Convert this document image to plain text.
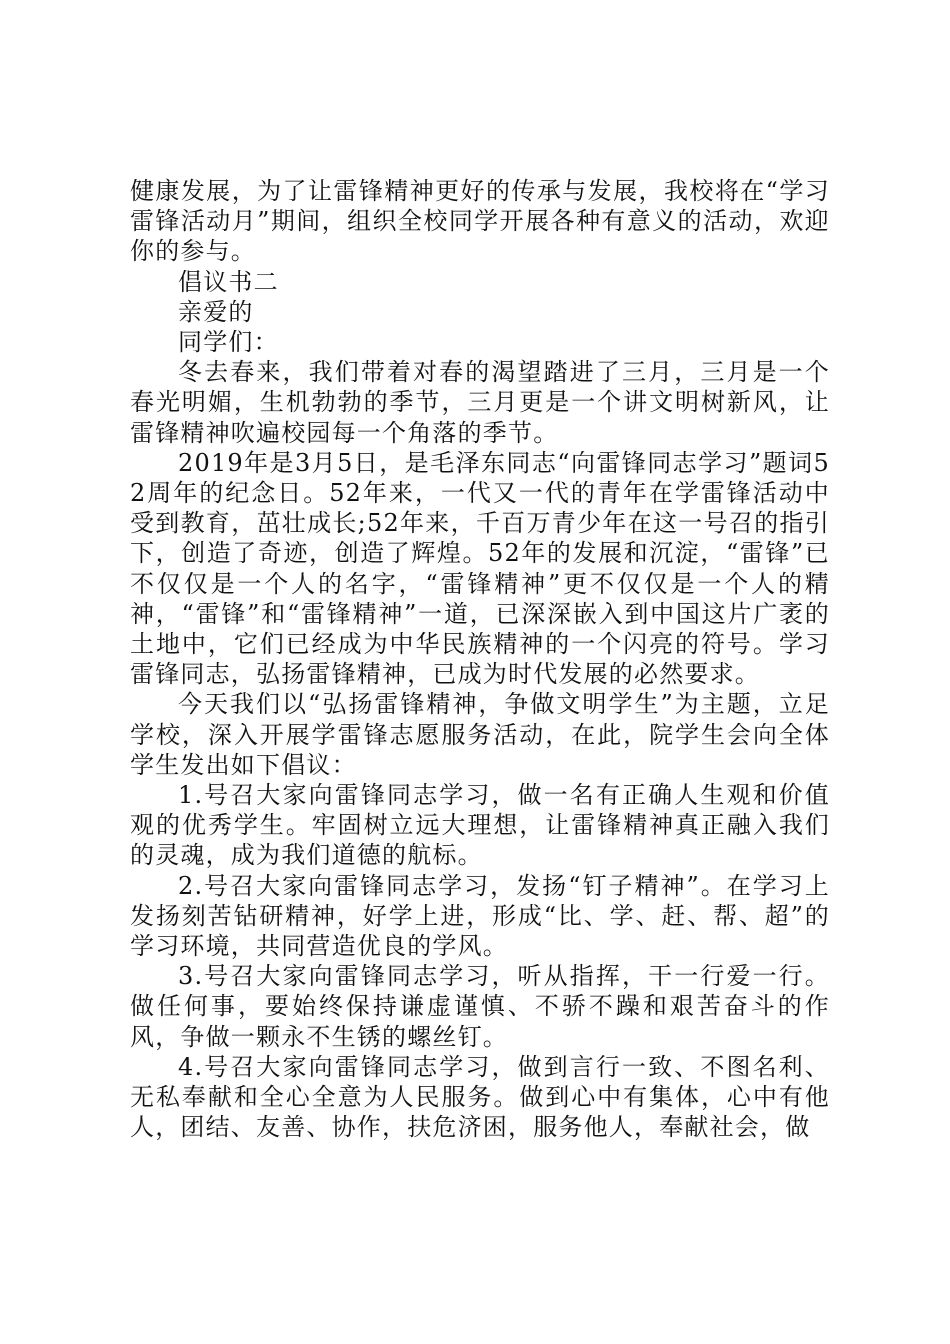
健康发展，为了让雷锋精神更好的传承与发展，我校将在“学习雷锋活动月”期间，组织全校同学开展各种有意义的活动，欢迎你的参与。

倡议书二

亲爱的

同学们：

冬去春来，我们带着对春的渴望踏进了三月，三月是一个春光明媚，生机勃勃的季节，三月更是一个讲文明树新风，让雷锋精神吹遍校园每一个角落的季节。

2019年是3月5日，是毛泽东同志“向雷锋同志学习”题词52周年的纪念日。52年来，一代又一代的青年在学雷锋活动中受到教育，茁壮成长;52年来，千百万青少年在这一号召的指引下，创造了奇迹，创造了辉煌。52年的发展和沉淀，“雷锋”已不仅仅是一个人的名字，“雷锋精神”更不仅仅是一个人的精神，“雷锋”和“雷锋精神”一道，已深深嵌入到中国这片广袤的土地中，它们已经成为中华民族精神的一个闪亮的符号。学习雷锋同志，弘扬雷锋精神，已成为时代发展的必然要求。

今天我们以“弘扬雷锋精神，争做文明学生”为主题，立足学校，深入开展学雷锋志愿服务活动，在此，院学生会向全体学生发出如下倡议：

1.号召大家向雷锋同志学习，做一名有正确人生观和价值观的优秀学生。牢固树立远大理想，让雷锋精神真正融入我们的灵魂，成为我们道德的航标。

2.号召大家向雷锋同志学习，发扬“钉子精神”。在学习上发扬刻苦钻研精神，好学上进，形成“比、学、赶、帮、超”的学习环境，共同营造优良的学风。

3.号召大家向雷锋同志学习，听从指挥，干一行爱一行。做任何事，要始终保持谦虚谨慎、不骄不躁和艰苦奋斗的作风，争做一颗永不生锈的螺丝钉。

4.号召大家向雷锋同志学习，做到言行一致、不图名利、无私奉献和全心全意为人民服务。做到心中有集体，心中有他人，团结、友善、协作，扶危济困，服务他人，奉献社会，做
